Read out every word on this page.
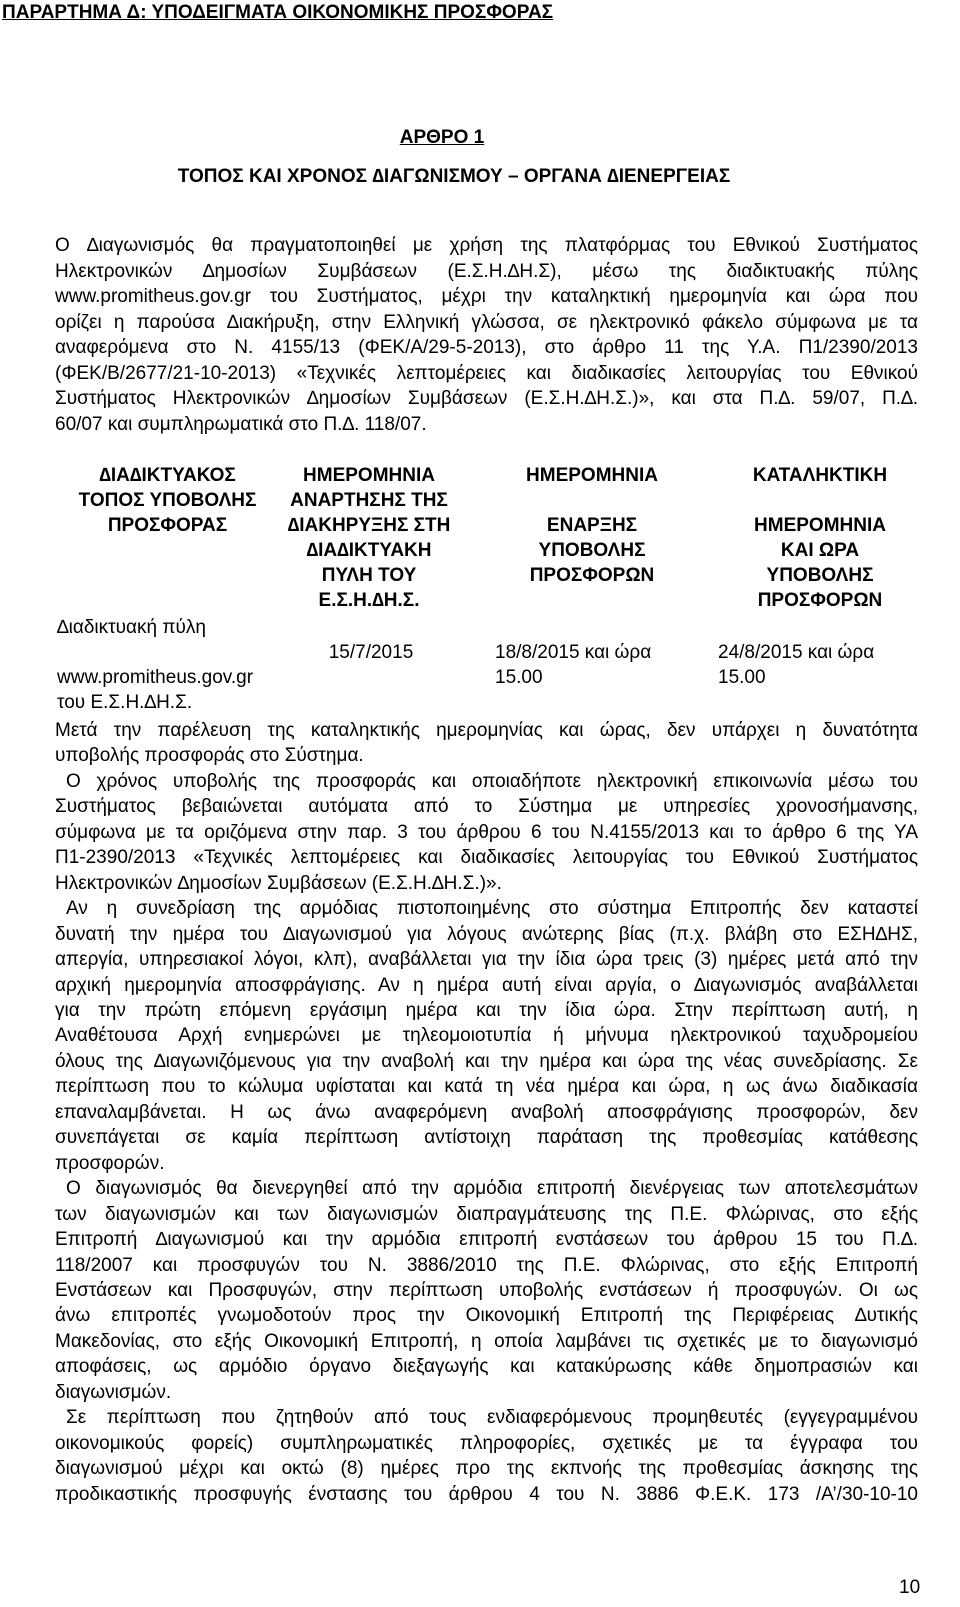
ΠΑΡΑΡΤΗΜΑ Δ: ΥΠΟΔΕΙΓΜΑΤΑ ΟΙΚΟΝΟΜΙΚΗΣ ΠΡΟΣΦΟΡΑΣ
ΑΡΘΡΟ 1
ΤΟΠΟΣ ΚΑΙ ΧΡΟΝΟΣ ∆ΙΑΓΩΝΙΣΜΟΥ – ΟΡΓΑΝΑ ∆ΙΕΝΕΡΓΕΙΑΣ
Ο ∆ιαγωνισμός θα πραγματοποιηθεί με χρήση της πλατφόρμας του Εθνικού Συστήματος
Ηλεκτρονικών ∆ημοσίων Συμβάσεων (Ε.Σ.Η.∆Η.Σ), μέσω της διαδικτυακής πύλης
www.promitheus.gov.gr του Συστήματος, μέχρι την καταληκτική ημερομηνία και ώρα που
ορίζει η παρούσα ∆ιακήρυξη, στην Ελληνική γλώσσα, σε ηλεκτρονικό φάκελο σύμφωνα με τα
αναφερόμενα στο Ν. 4155/13 (ΦΕΚ/Α/29-5-2013), στο άρθρο 11 της Υ.Α. Π1/2390/2013
(ΦΕΚ/Β/2677/21-10-2013) «Τεχνικές λεπτομέρειες και διαδικασίες λειτουργίας του Εθνικού
Συστήματος Ηλεκτρονικών ∆ημοσίων Συμβάσεων (Ε.Σ.Η.∆Η.Σ.)», και στα Π.∆. 59/07, Π.∆.
60/07 και συμπληρωματικά στο Π.∆. 118/07.
∆ΙΑ∆ΙΚΤΥΑΚΟΣ
ΤΟΠΟΣ ΥΠΟΒΟΛΗΣ
ΠΡΟΣΦΟΡΑΣ
ΗΜΕΡΟΜΗΝΙΑ
ΑΝΑΡΤΗΣΗΣ ΤΗΣ
∆ΙΑΚΗΡΥΞΗΣ ΣΤΗ
∆ΙΑ∆ΙΚΤΥΑΚΗ
ΠΥΛΗ ΤΟΥ
Ε.Σ.Η.∆Η.Σ.
ΗΜΕΡΟΜΗΝΙΑ
ΕΝΑΡΞΗΣ
ΥΠΟΒΟΛΗΣ
ΠΡΟΣΦΟΡΩΝ
ΚΑΤΑΛΗΚΤΙΚΗ
ΗΜΕΡΟΜΗΝΙΑ
ΚΑΙ ΩΡΑ
ΥΠΟΒΟΛΗΣ
ΠΡΟΣΦΟΡΩΝ
∆ιαδικτυακή πύλη
www.promitheus.gov.gr
του Ε.Σ.Η.∆Η.Σ.
15/7/2015	18/8/2015 και ώρα
15.00
24/8/2015 και ώρα
15.00
Μετά την παρέλευση της καταληκτικής ημερομηνίας και ώρας, δεν υπάρχει η δυνατότητα
υποβολής προσφοράς στο Σύστημα.
Ο χρόνος υποβολής της προσφοράς και οποιαδήποτε ηλεκτρονική επικοινωνία μέσω του
Συστήματος βεβαιώνεται αυτόματα από το Σύστημα με υπηρεσίες χρονοσήμανσης,
σύμφωνα με τα οριζόμενα στην παρ. 3 του άρθρου 6 του Ν.4155/2013 και το άρθρο 6 της ΥΑ
Π1-2390/2013 «Τεχνικές λεπτομέρειες και διαδικασίες λειτουργίας του Εθνικού Συστήματος
Ηλεκτρονικών ∆ημοσίων Συμβάσεων (Ε.Σ.Η.∆Η.Σ.)».
Αν η συνεδρίαση της αρμόδιας πιστοποιημένης στο σύστημα Επιτροπής δεν καταστεί
δυνατή την ημέρα του ∆ιαγωνισμού για λόγους ανώτερης βίας (π.χ. βλάβη στο ΕΣΗ∆ΗΣ,
απεργία, υπηρεσιακοί λόγοι, κλπ), αναβάλλεται για την ίδια ώρα τρεις (3) ημέρες μετά από την
αρχική ημερομηνία αποσφράγισης. Αν η ημέρα αυτή είναι αργία, ο ∆ιαγωνισμός αναβάλλεται
για την πρώτη επόμενη εργάσιμη ημέρα και την ίδια ώρα. Στην περίπτωση αυτή, η
Αναθέτουσα Αρχή ενημερώνει με τηλεομοιοτυπία ή μήνυμα ηλεκτρονικού ταχυδρομείου
όλους της ∆ιαγωνιζόμενους για την αναβολή και την ημέρα και ώρα της νέας συνεδρίασης. Σε
περίπτωση που το κώλυμα υφίσταται και κατά τη νέα ημέρα και ώρα, η ως άνω διαδικασία
επαναλαμβάνεται. Η ως άνω αναφερόμενη αναβολή αποσφράγισης προσφορών, δεν
συνεπάγεται σε καμία περίπτωση αντίστοιχη παράταση της προθεσμίας κατάθεσης
προσφορών.
Ο διαγωνισμός θα διενεργηθεί από την αρμόδια επιτροπή διενέργειας των αποτελεσμάτων
των διαγωνισμών και των διαγωνισμών διαπραγμάτευσης της Π.Ε. Φλώρινας, στο εξής
Επιτροπή ∆ιαγωνισμού και την αρμόδια επιτροπή ενστάσεων του άρθρου 15 του Π.∆.
118/2007 και προσφυγών του Ν. 3886/2010 της Π.Ε. Φλώρινας, στο εξής Επιτροπή
Ενστάσεων και Προσφυγών, στην περίπτωση υποβολής ενστάσεων ή προσφυγών. Οι ως
άνω επιτροπές γνωμοδοτούν προς την Οικονομική Επιτροπή της Περιφέρειας ∆υτικής
Μακεδονίας, στο εξής Οικονομική Επιτροπή, η οποία λαμβάνει τις σχετικές με το διαγωνισμό
αποφάσεις, ως αρμόδιο όργανο διεξαγωγής και κατακύρωσης κάθε δημοπρασιών και
διαγωνισμών.
Σε περίπτωση που ζητηθούν από τους ενδιαφερόμενους προμηθευτές (εγγεγραμμένου
οικονομικούς φορείς) συμπληρωματικές πληροφορίες, σχετικές με τα έγγραφα του
διαγωνισμού μέχρι και οκτώ (8) ημέρες προ της εκπνοής της προθεσμίας άσκησης της
προδικαστικής προσφυγής ένστασης του άρθρου 4 του Ν. 3886 Φ.Ε.Κ. 173 /Α’/30-10-10
10
